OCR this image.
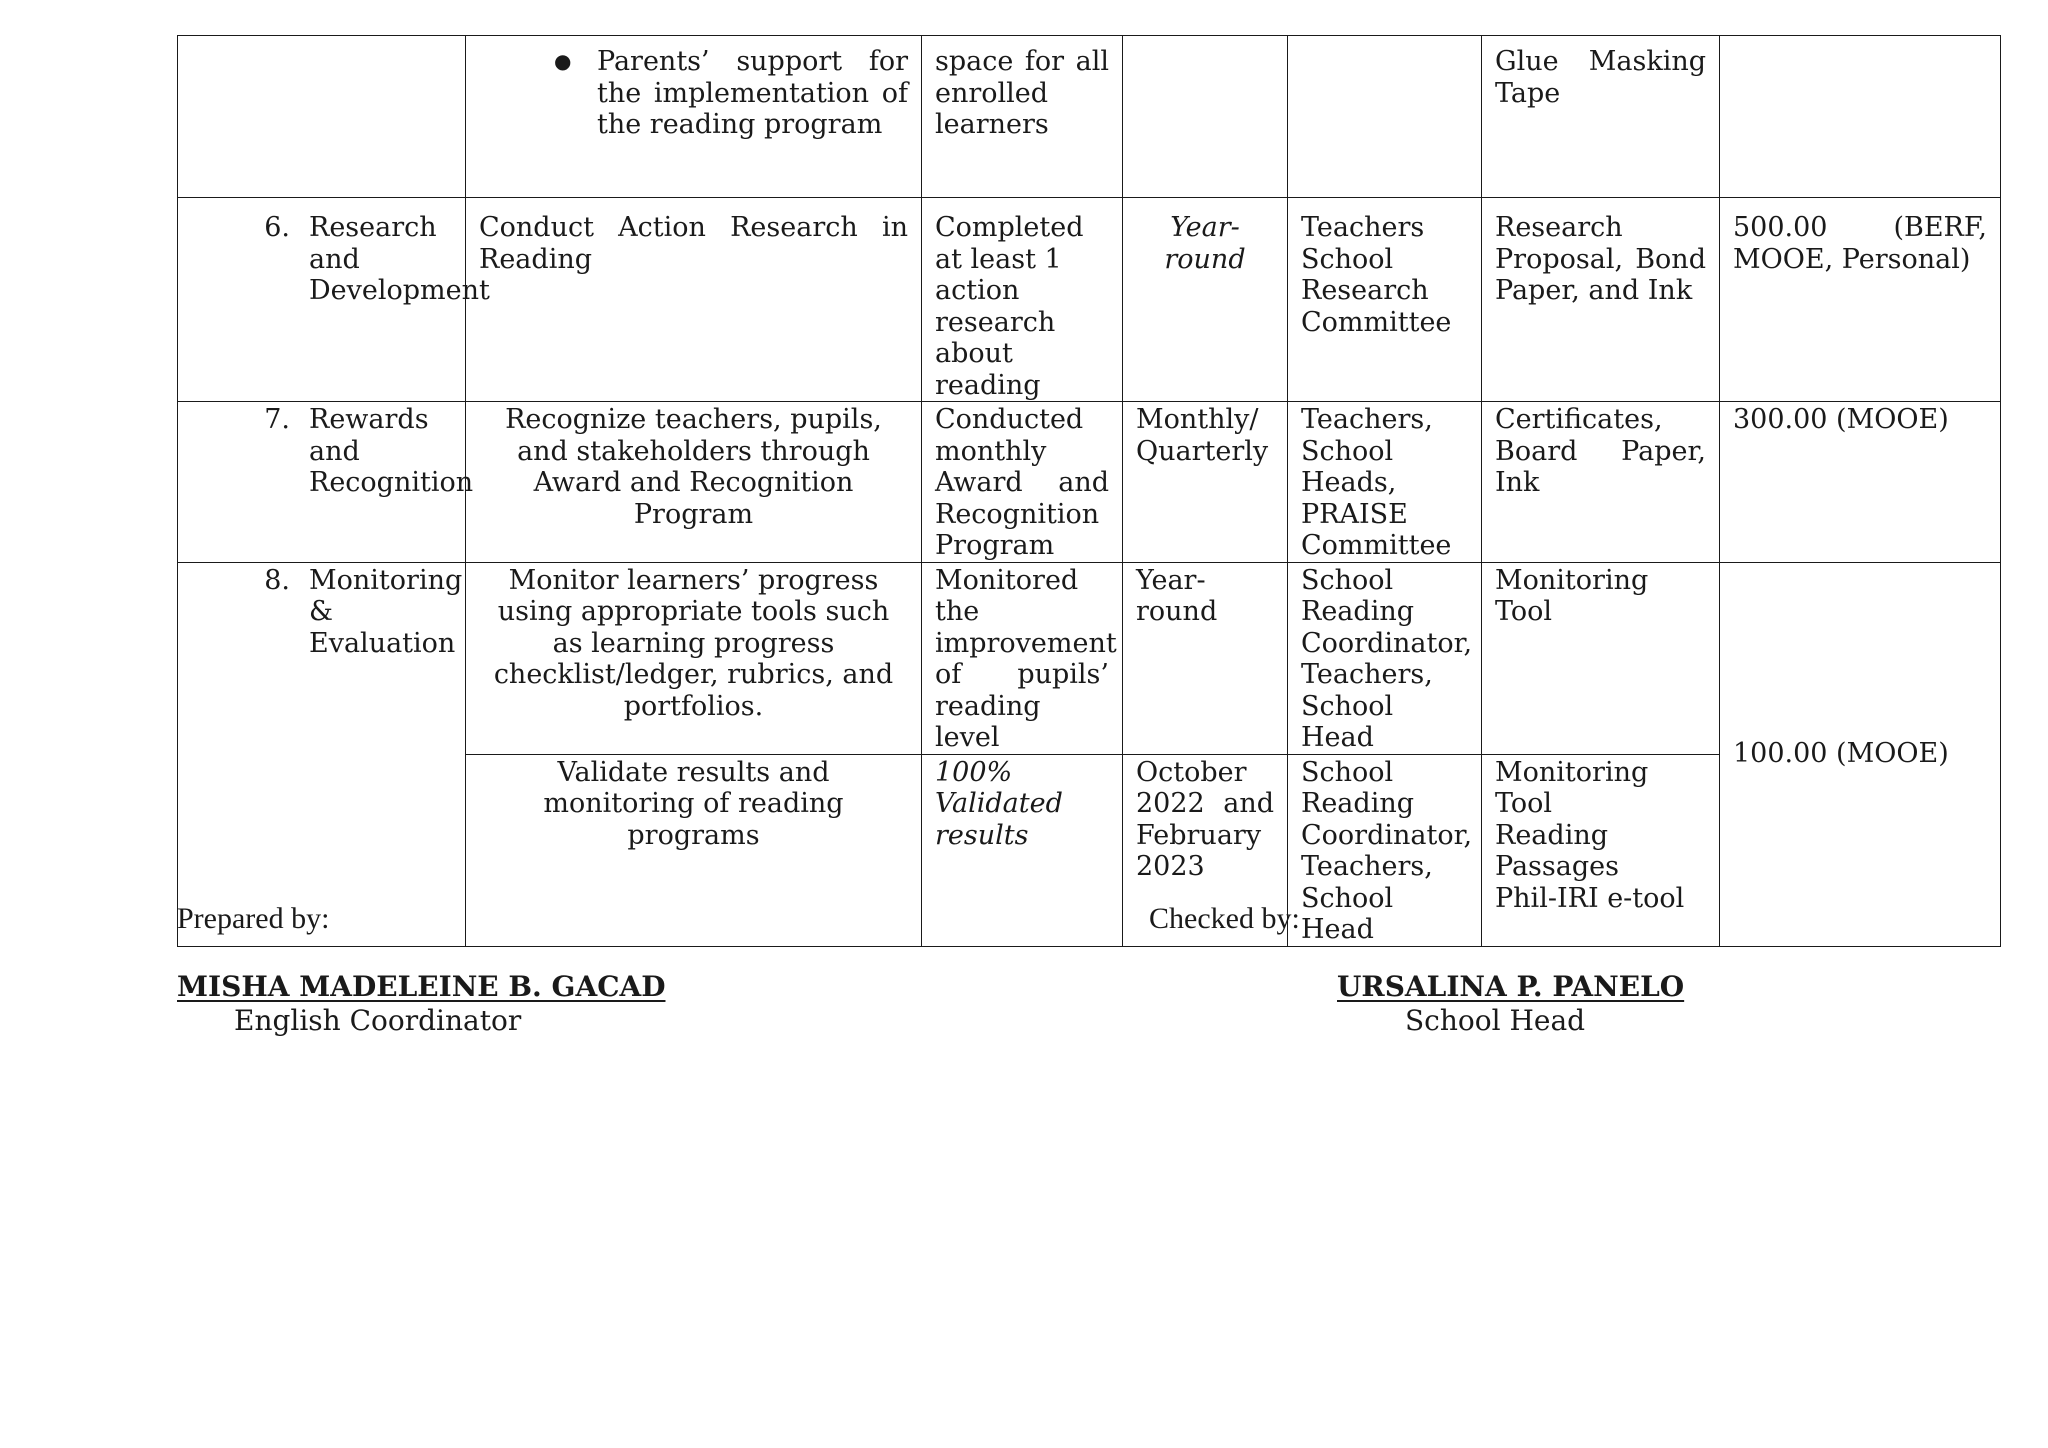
	● Parents’ support for the implementation of the reading program	space for all enrolled learners			Glue Masking Tape	

6. Research and Development	Conduct Action Research in Reading	Completed at least 1 action research about reading	Year-round	Teachers School Research Committee	Research Proposal, Bond Paper, and Ink	500.00 (BERF, MOOE, Personal)

7. Rewards and Recognition	Recognize teachers, pupils, and stakeholders through Award and Recognition Program	Conducted monthly Award and Recognition Program	Monthly/ Quarterly	Teachers, School Heads, PRAISE Committee	Certificates, Board Paper, Ink	300.00 (MOOE)

8. Monitoring & Evaluation	Monitor learners’ progress using appropriate tools such as learning progress checklist/ledger, rubrics, and portfolios.	Monitored the improvement of pupils’ reading level	Year-round	School Reading Coordinator, Teachers, School Head	Monitoring Tool	100.00 (MOOE)
	Validate results and monitoring of reading programs	100% Validated results	October 2022 and February 2023	School Reading Coordinator, Teachers, School Head	Monitoring Tool
Reading Passages
Phil-IRI e-tool	
Prepared by:	Checked by:
MISHA MADELEINE B. GACAD
English Coordinator
URSALINA P. PANELO
School Head
